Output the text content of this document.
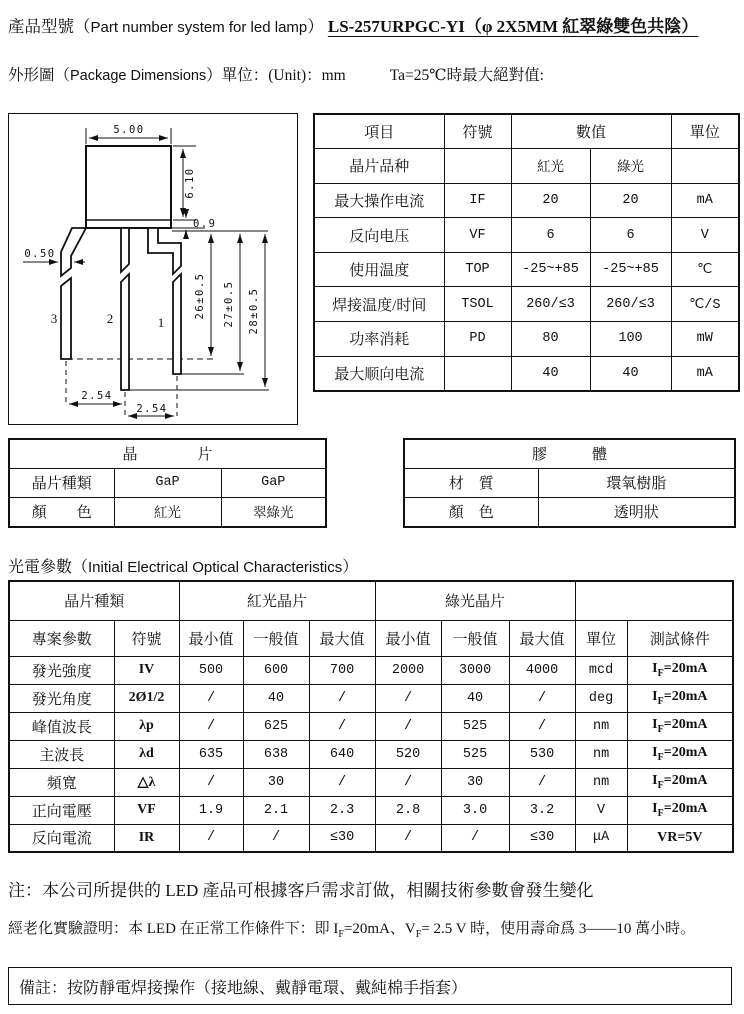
產品型號（Part number system for led lamp） LS-257URPGC-YI（φ 2X5MM 紅翠綠雙色共陰）
外形圖（Package Dimensions）單位：(Unit)：mm	Ta=25℃時最大絕對值:
5.00
6.10
0.9
0.50
26±0.5 27±0.5 28±0.5
2.54
2.54
3	2	1
項目	符號	數值		單位
晶片品种		紅光	綠光	
最大操作电流	IF	20	20	mA
反向电压	VF	6	6	V
使用温度	TOP	-25~+85	-25~+85	℃
焊接温度/时间	TSOL	260/≤3	260/≤3	℃/S
功率消耗	PD	80	100	mW
最大顺向电流		40	40	mA
晶　　　　片		
晶片種類	GaP	GaP
顏　　色	紅光	翠綠光
膠　　　體	
材　質	環氧樹脂
顏　色	透明狀
光電參數（Initial Electrical Optical Characteristics）
晶片種類		紅光晶片			綠光晶片				
專案參數	符號	最小值	一般值	最大值	最小值	一般值	最大值	單位	測試條件
發光強度	IV	500	600	700	2000	3000	4000	mcd	$I_F=20mA$
發光角度	2Ø1/2	/	40	/	/	40	/	deg	$I_F=20mA$
峰值波長	λp	/	625	/	/	525	/	nm	$I_F=20mA$
主波長	λd	635	638	640	520	525	530	nm	$I_F=20mA$
頻寬	△λ	/	30	/	/	30	/	nm	$I_F=20mA$
正向電壓	VF	1.9	2.1	2.3	2.8	3.0	3.2	V	$I_F=20mA$
反向電流	IR	/	/	≤30	/	/	≤30	μA	VR=5V
注：本公司所提供的 LED 產品可根據客戶需求訂做，相關技術參數會發生變化
經老化實驗證明：本 LED 在正常工作條件下：即 $I_F=20mA$、$V_F= 2.5$ V 時，使用壽命爲 3——10 萬小時。
備註：按防靜電焊接操作（接地線、戴靜電環、戴純棉手指套）
